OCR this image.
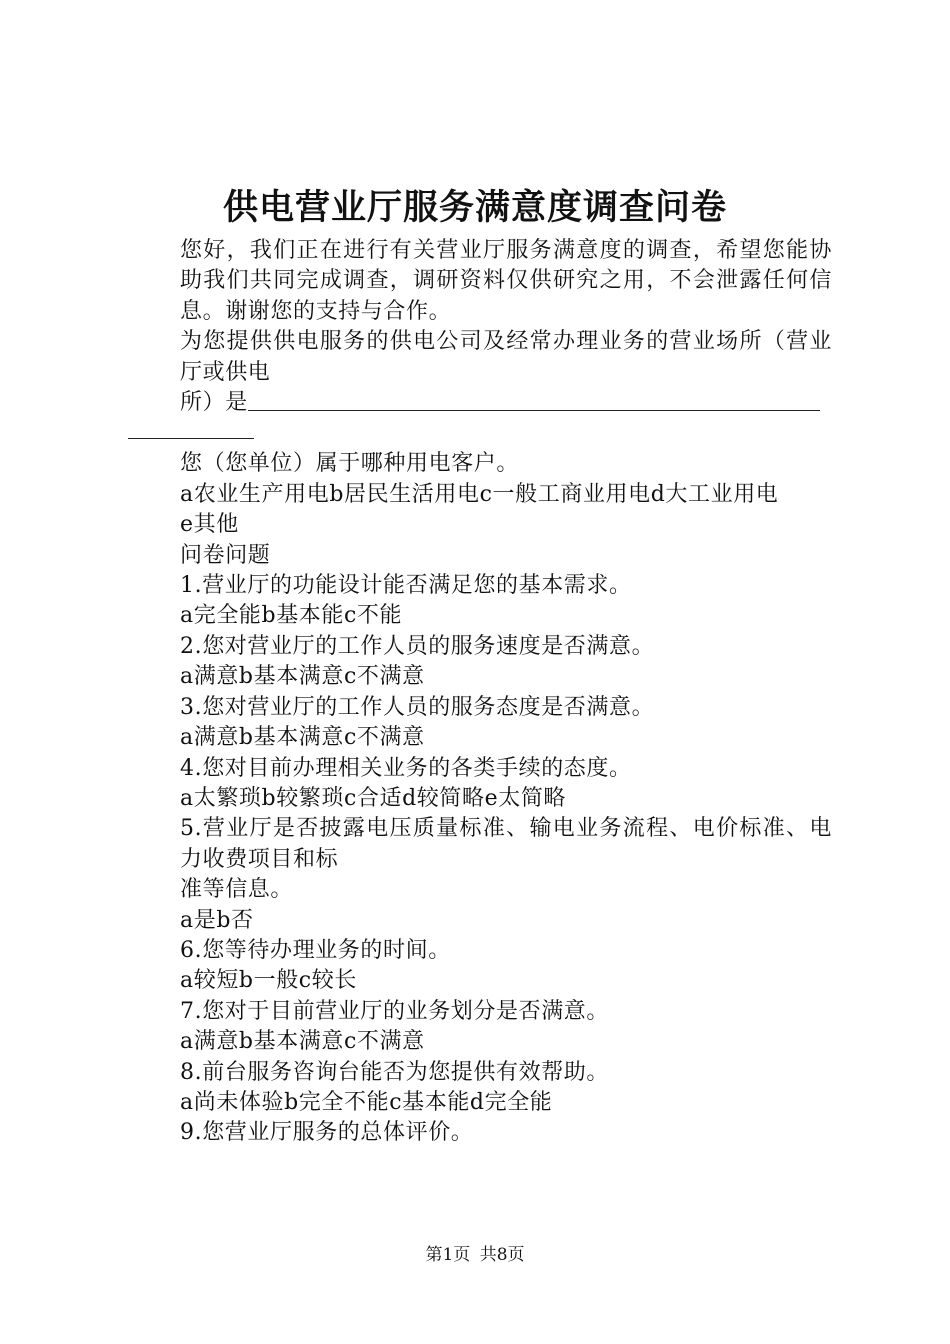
供电营业厅服务满意度调查问卷

您好，我们正在进行有关营业厅服务满意度的调查，希望您能协助我们共同完成调查，调研资料仅供研究之用，不会泄露任何信息。谢谢您的支持与合作。

为您提供供电服务的供电公司及经常办理业务的营业场所（营业厅或供电

所）是

您（您单位）属于哪种用电客户。

a农业生产用电b居民生活用电c一般工商业用电d大工业用电

e其他

问卷问题

1.营业厅的功能设计能否满足您的基本需求。

a完全能b基本能c不能

2.您对营业厅的工作人员的服务速度是否满意。

a满意b基本满意c不满意

3.您对营业厅的工作人员的服务态度是否满意。

a满意b基本满意c不满意

4.您对目前办理相关业务的各类手续的态度。

a太繁琐b较繁琐c合适d较简略e太简略

5.营业厅是否披露电压质量标准、输电业务流程、电价标准、电力收费项目和标

准等信息。

a是b否

6.您等待办理业务的时间。

a较短b一般c较长

7.您对于目前营业厅的业务划分是否满意。

a满意b基本满意c不满意

8.前台服务咨询台能否为您提供有效帮助。

a尚未体验b完全不能c基本能d完全能

9.您营业厅服务的总体评价。

第1页 共8页
